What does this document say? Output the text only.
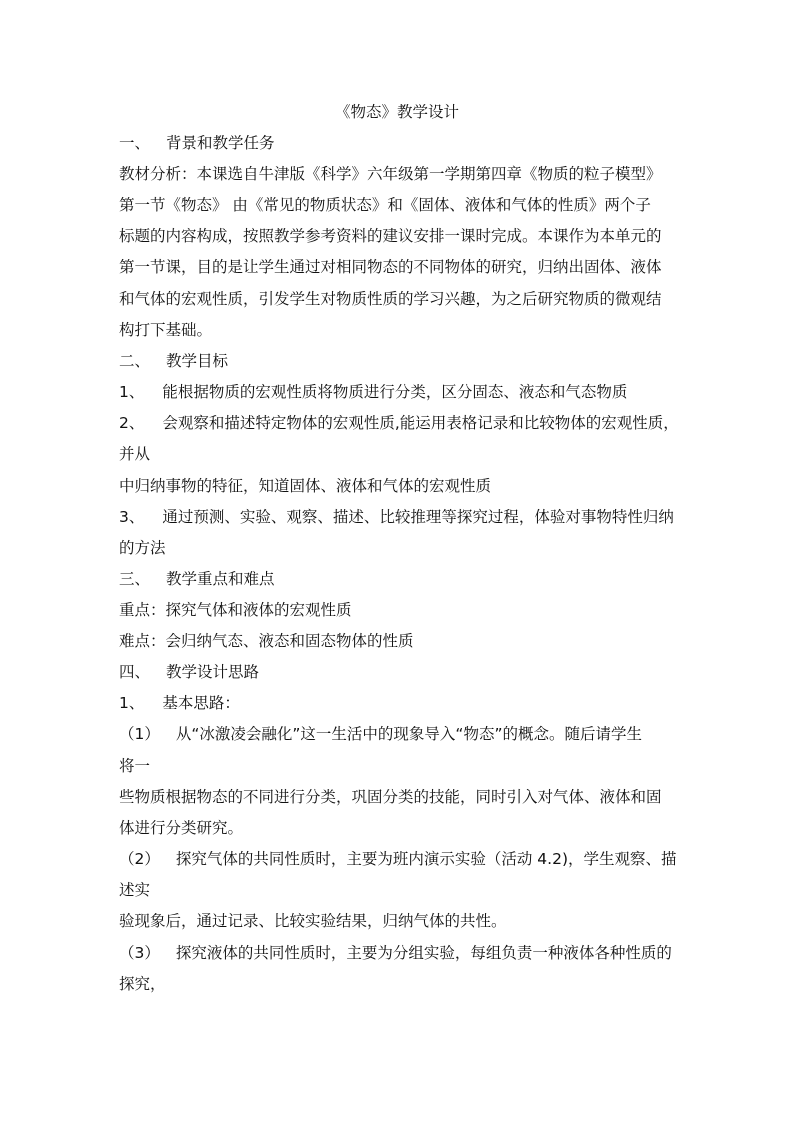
《物态》教学设计
一、 背景和教学任务
教材分析：本课选自牛津版《科学》六年级第一学期第四章《物质的粒子模型》
第一节《物态》 由《常见的物质状态》和《固体、液体和气体的性质》两个子
标题的内容构成，按照教学参考资料的建议安排一课时完成。本课作为本单元的
第一节课，目的是让学生通过对相同物态的不同物体的研究，归纳出固体、液体
和气体的宏观性质，引发学生对物质性质的学习兴趣，为之后研究物质的微观结
构打下基础。
二、 教学目标
1、 能根据物质的宏观性质将物质进行分类，区分固态、液态和气态物质
2、 会观察和描述特定物体的宏观性质,能运用表格记录和比较物体的宏观性质，
并从
中归纳事物的特征，知道固体、液体和气体的宏观性质
3、 通过预测、实验、观察、描述、比较推理等探究过程，体验对事物特性归纳
的方法
三、 教学重点和难点
重点：探究气体和液体的宏观性质
难点：会归纳气态、液态和固态物体的性质
四、 教学设计思路
1、 基本思路：
（1） 从“冰激凌会融化”这一生活中的现象导入“物态”的概念。随后请学生
将一
些物质根据物态的不同进行分类，巩固分类的技能，同时引入对气体、液体和固
体进行分类研究。
（2） 探究气体的共同性质时，主要为班内演示实验（活动 4.2)，学生观察、描
述实
验现象后，通过记录、比较实验结果，归纳气体的共性。
（3） 探究液体的共同性质时，主要为分组实验，每组负责一种液体各种性质的
探究，
